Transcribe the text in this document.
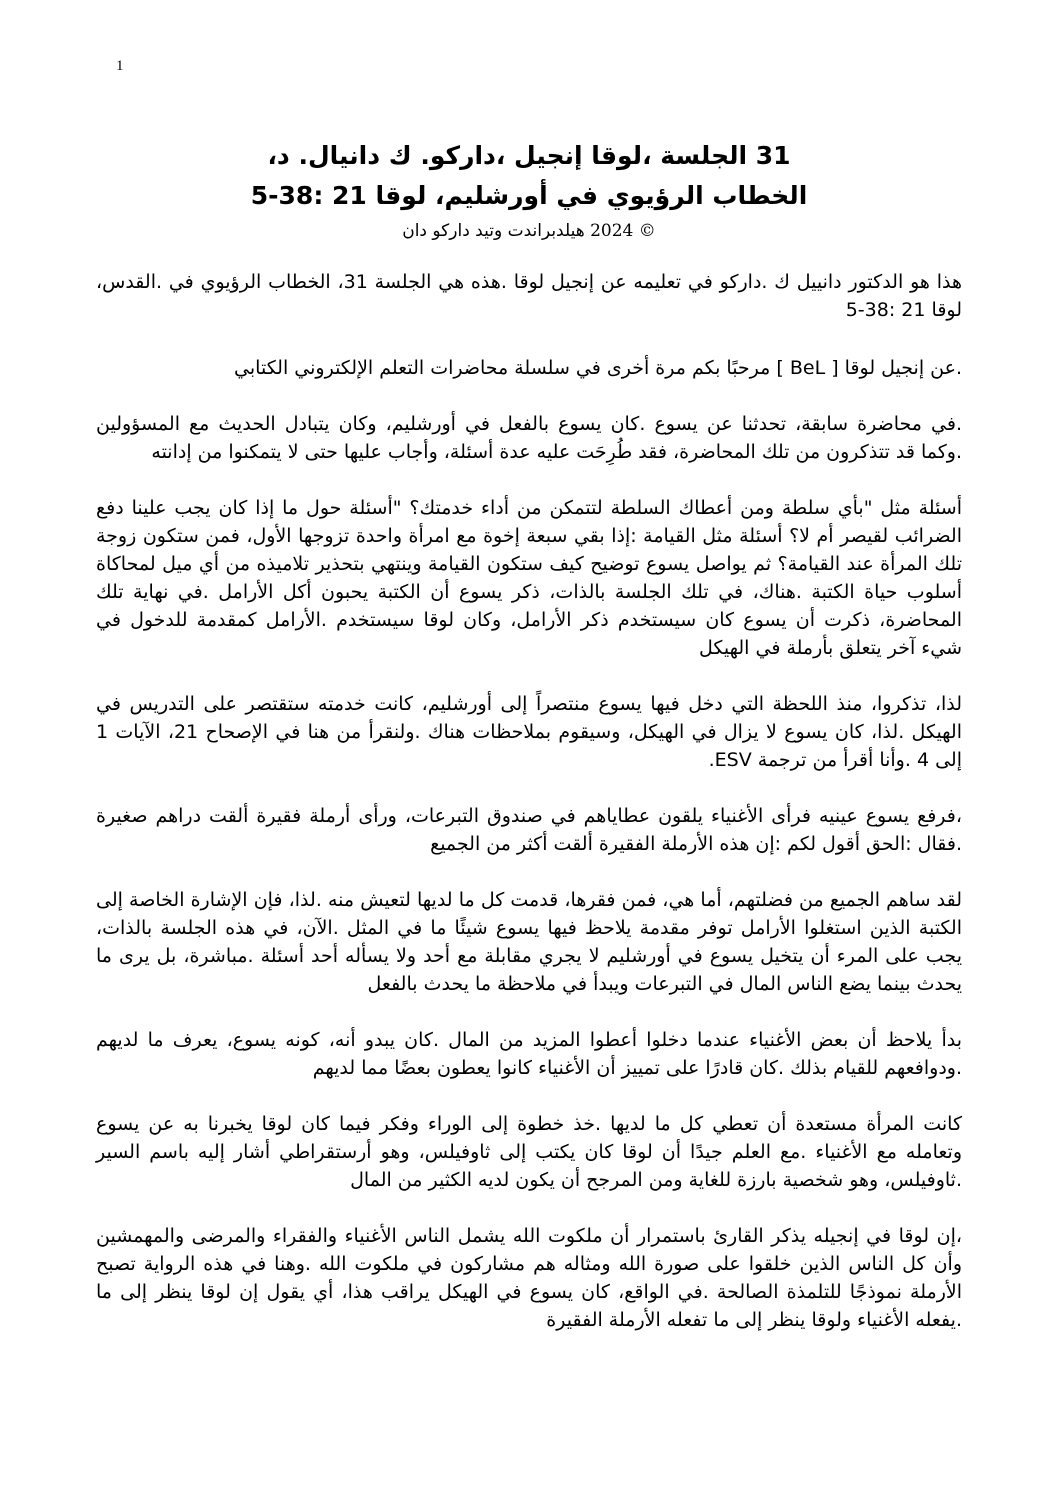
1
31 الجلسة ،لوقا إنجيل ،داركو. ك دانيال. د،
الخطاب الرؤيوي في أورشليم، لوقا 21 :38-5
© 2024 هيلدبراندت وتيد داركو دان

هذا هو الدكتور دانييل ك .داركو في تعليمه عن إنجيل لوقا .هذه هي الجلسة 31، الخطاب الرؤيوي في .القدس، لوقا 21 :38-5

.عن إنجيل لوقا [ BeL ] مرحبًا بكم مرة أخرى في سلسلة محاضرات التعلم الإلكتروني الكتابي

.في محاضرة سابقة، تحدثنا عن يسوع .كان يسوع بالفعل في أورشليم، وكان يتبادل الحديث مع المسؤولين .وكما قد تتذكرون من تلك المحاضرة، فقد طُرِحَت عليه عدة أسئلة، وأجاب عليها حتى لا يتمكنوا من إدانته

أسئلة مثل "بأي سلطة ومن أعطاك السلطة لتتمكن من أداء خدمتك؟ "أسئلة حول ما إذا كان يجب علينا دفع الضرائب لقيصر أم لا؟ أسئلة مثل القيامة :إذا بقي سبعة إخوة مع امرأة واحدة تزوجها الأول، فمن ستكون زوجة تلك المرأة عند القيامة؟ ثم يواصل يسوع توضيح كيف ستكون القيامة وينتهي بتحذير تلاميذه من أي ميل لمحاكاة أسلوب حياة الكتبة .هناك، في تلك الجلسة بالذات، ذكر يسوع أن الكتبة يحبون أكل الأرامل .في نهاية تلك المحاضرة، ذكرت أن يسوع كان سيستخدم ذكر الأرامل، وكان لوقا سيستخدم .الأرامل كمقدمة للدخول في شيء آخر يتعلق بأرملة في الهيكل

لذا، تذكروا، منذ اللحظة التي دخل فيها يسوع منتصراً إلى أورشليم، كانت خدمته ستقتصر على التدريس في الهيكل .لذا، كان يسوع لا يزال في الهيكل، وسيقوم بملاحظات هناك .ولنقرأ من هنا في الإصحاح 21، الآيات 1 إلى 4 .وأنا أقرأ من ترجمة ESV.

،فرفع يسوع عينيه فرأى الأغنياء يلقون عطاياهم في صندوق التبرعات، ورأى أرملة فقيرة ألقت دراهم صغيرة .فقال :الحق أقول لكم :إن هذه الأرملة الفقيرة ألقت أكثر من الجميع

لقد ساهم الجميع من فضلتهم، أما هي، فمن فقرها، قدمت كل ما لديها لتعيش منه .لذا، فإن الإشارة الخاصة إلى الكتبة الذين استغلوا الأرامل توفر مقدمة يلاحظ فيها يسوع شيئًا ما في المثل .الآن، في هذه الجلسة بالذات، يجب على المرء أن يتخيل يسوع في أورشليم لا يجري مقابلة مع أحد ولا يسأله أحد أسئلة .مباشرة، بل يرى ما يحدث بينما يضع الناس المال في التبرعات ويبدأ في ملاحظة ما يحدث بالفعل

بدأ يلاحظ أن بعض الأغنياء عندما دخلوا أعطوا المزيد من المال .كان يبدو أنه، كونه يسوع، يعرف ما لديهم .ودوافعهم للقيام بذلك .كان قادرًا على تمييز أن الأغنياء كانوا يعطون بعضًا مما لديهم

كانت المرأة مستعدة أن تعطي كل ما لديها .خذ خطوة إلى الوراء وفكر فيما كان لوقا يخبرنا به عن يسوع وتعامله مع الأغنياء .مع العلم جيدًا أن لوقا كان يكتب إلى ثاوفيلس، وهو أرستقراطي أشار إليه باسم السير .ثاوفيلس، وهو شخصية بارزة للغاية ومن المرجح أن يكون لديه الكثير من المال

،إن لوقا في إنجيله يذكر القارئ باستمرار أن ملكوت الله يشمل الناس الأغنياء والفقراء والمرضى والمهمشين وأن كل الناس الذين خلقوا على صورة الله ومثاله هم مشاركون في ملكوت الله .وهنا في هذه الرواية تصبح الأرملة نموذجًا للتلمذة الصالحة .في الواقع، كان يسوع في الهيكل يراقب هذا، أي يقول إن لوقا ينظر إلى ما .يفعله الأغنياء ولوقا ينظر إلى ما تفعله الأرملة الفقيرة
